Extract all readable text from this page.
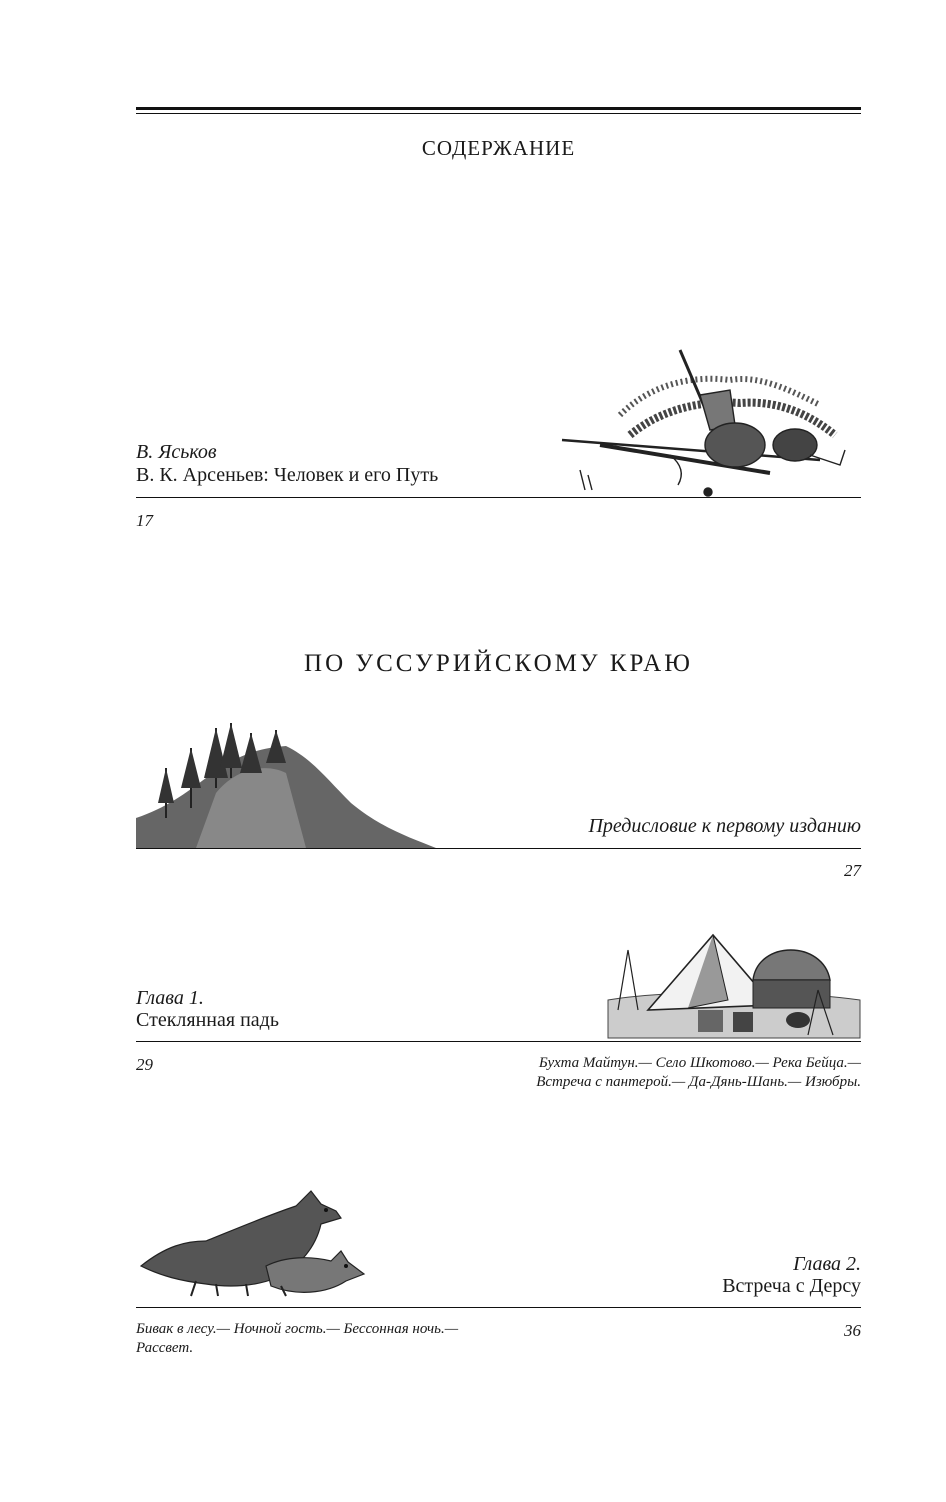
СОДЕРЖАНИЕ
В. Яськов
В. К. Арсеньев: Человек и его Путь
17
ПО УССУРИЙСКОМУ КРАЮ
Предисловие к первому изданию
27
Глава 1.
Стеклянная падь
29	Бухта Майтун.— Село Шкотово.— Река Бейца.—
Встреча с пантерой.— Да-Дянь-Шань.— Изюбры.
Глава 2.
Встреча с Дерсу
Бивак в лесу.— Ночной гость.— Бессонная ночь.—
Рассвет.
36
